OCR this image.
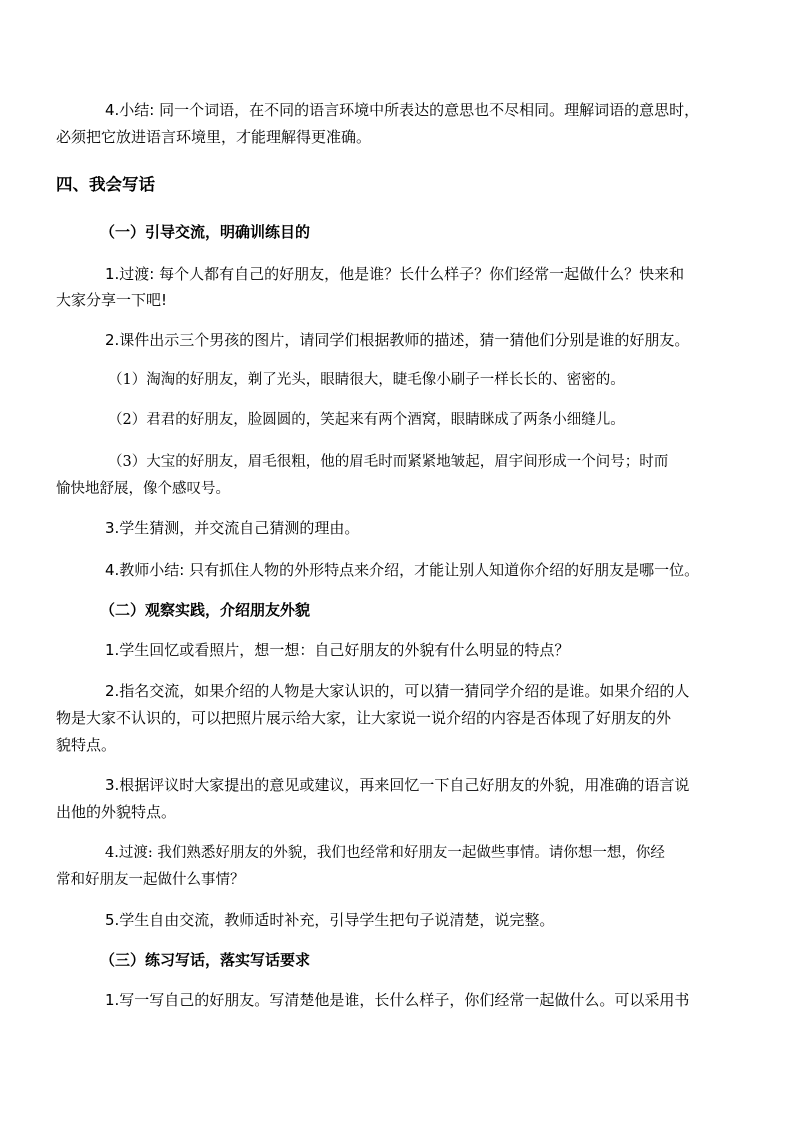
4.小结: 同一个词语，在不同的语言环境中所表达的意思也不尽相同。理解词语的意思时，
必须把它放进语言环境里，才能理解得更准确。
四、我会写话
（一）引导交流，明确训练目的
1.过渡: 每个人都有自己的好朋友，他是谁？长什么样子？你们经常一起做什么？快来和
大家分享一下吧!
2.课件出示三个男孩的图片，请同学们根据教师的描述，猜一猜他们分别是谁的好朋友。
（1）淘淘的好朋友，剃了光头，眼睛很大，睫毛像小刷子一样长长的、密密的。
（2）君君的好朋友，脸圆圆的，笑起来有两个酒窝，眼睛眯成了两条小细缝儿。
（3）大宝的好朋友，眉毛很粗，他的眉毛时而紧紧地皱起，眉宇间形成一个问号；时而
愉快地舒展，像个感叹号。
3.学生猜测，并交流自己猜测的理由。
4.教师小结: 只有抓住人物的外形特点来介绍，才能让别人知道你介绍的好朋友是哪一位。
（二）观察实践，介绍朋友外貌
1.学生回忆或看照片，想一想：自己好朋友的外貌有什么明显的特点？
2.指名交流，如果介绍的人物是大家认识的，可以猜一猜同学介绍的是谁。如果介绍的人
物是大家不认识的，可以把照片展示给大家，让大家说一说介绍的内容是否体现了好朋友的外
貌特点。
3.根据评议时大家提出的意见或建议，再来回忆一下自己好朋友的外貌，用准确的语言说
出他的外貌特点。
4.过渡: 我们熟悉好朋友的外貌，我们也经常和好朋友一起做些事情。请你想一想，你经
常和好朋友一起做什么事情？
5.学生自由交流，教师适时补充，引导学生把句子说清楚，说完整。
（三）练习写话，落实写话要求
1.写一写自己的好朋友。写清楚他是谁，长什么样子，你们经常一起做什么。可以采用书
